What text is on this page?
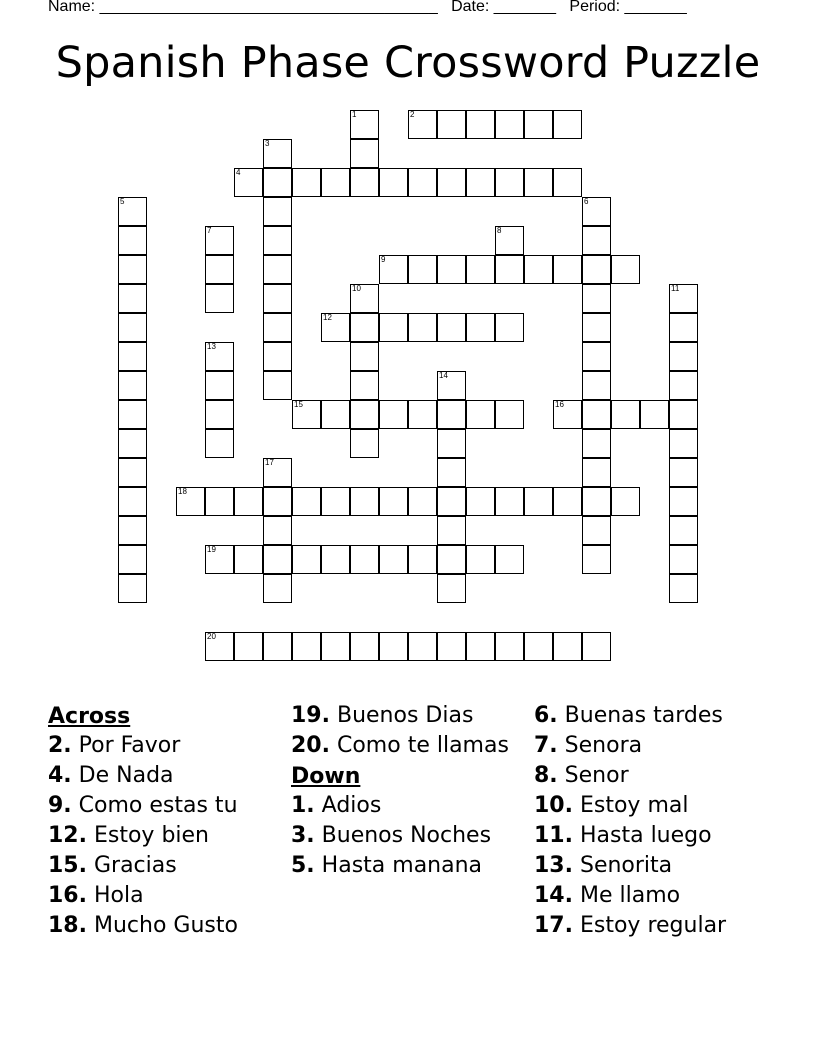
Name: ______________________________________ Date: _______ Period: _______
Spanish Phase Crossword Puzzle
1	2
3
4
5	6
7	8
9
10	11
12
13
14
15	16
17
18
19
20
Across
2. Por Favor
4. De Nada
9. Como estas tu
12. Estoy bien
15. Gracias
16. Hola
18. Mucho Gusto
19. Buenos Dias
20. Como te llamas
Down
1. Adios
3. Buenos Noches
5. Hasta manana
6. Buenas tardes
7. Senora
8. Senor
10. Estoy mal
11. Hasta luego
13. Senorita
14. Me llamo
17. Estoy regular
